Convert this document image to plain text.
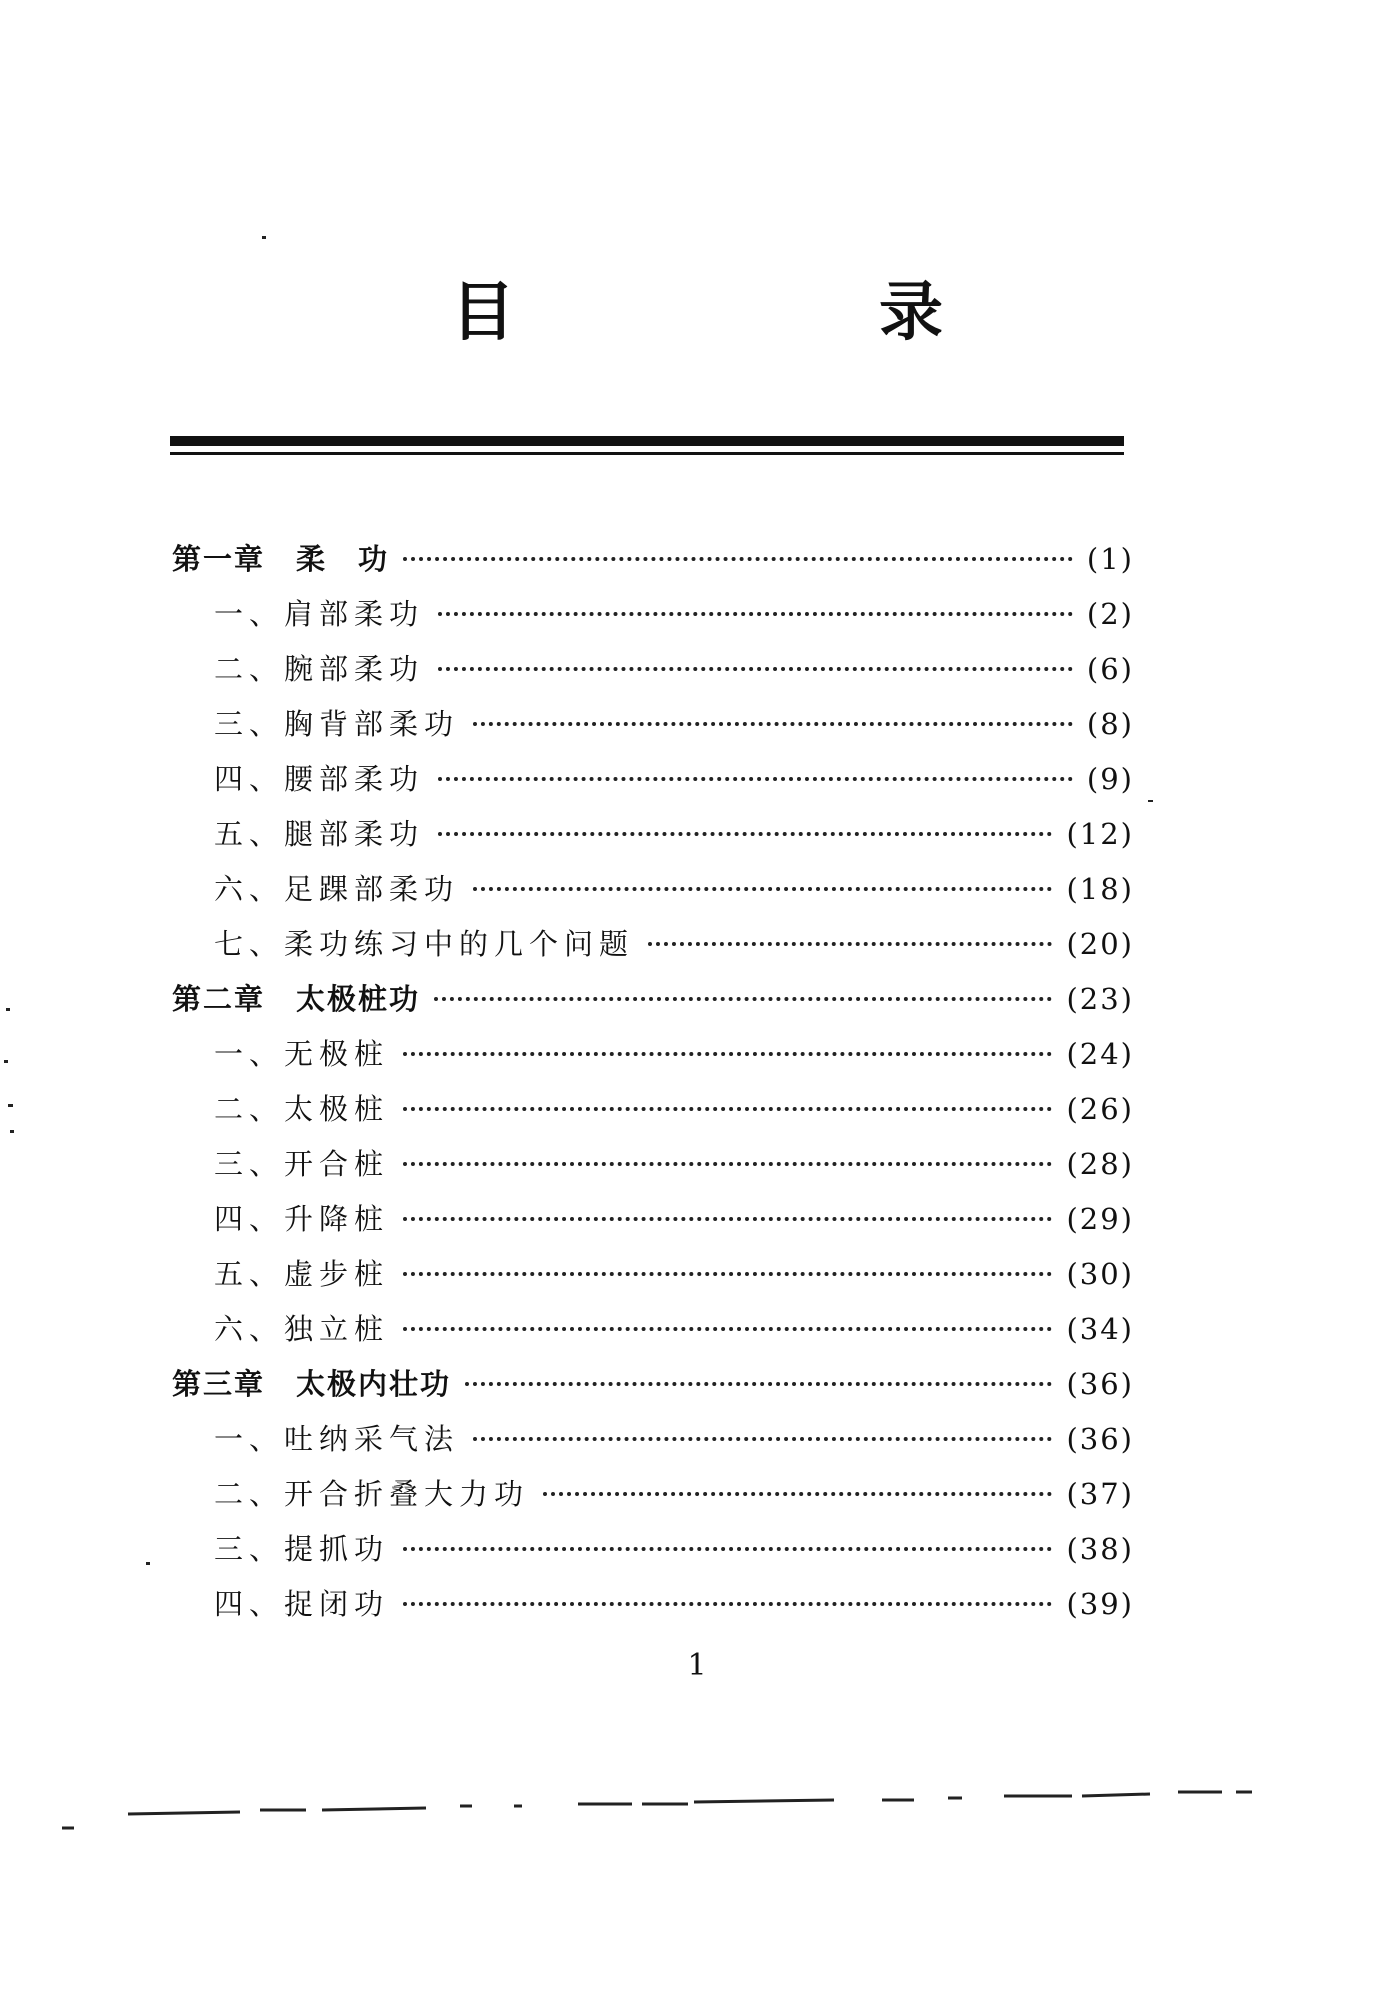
目　录
第一章　柔　功	(1)
一、肩部柔功	(2)
二、腕部柔功	(6)
三、胸背部柔功	(8)
四、腰部柔功	(9)
五、腿部柔功	(12)
六、足踝部柔功	(18)
七、柔功练习中的几个问题	(20)
第二章　太极桩功	(23)
一、无极桩	(24)
二、太极桩	(26)
三、开合桩	(28)
四、升降桩	(29)
五、虚步桩	(30)
六、独立桩	(34)
第三章　太极内壮功	(36)
一、吐纳采气法	(36)
二、开合折叠大力功	(37)
三、提抓功	(38)
四、捉闭功	(39)
1
